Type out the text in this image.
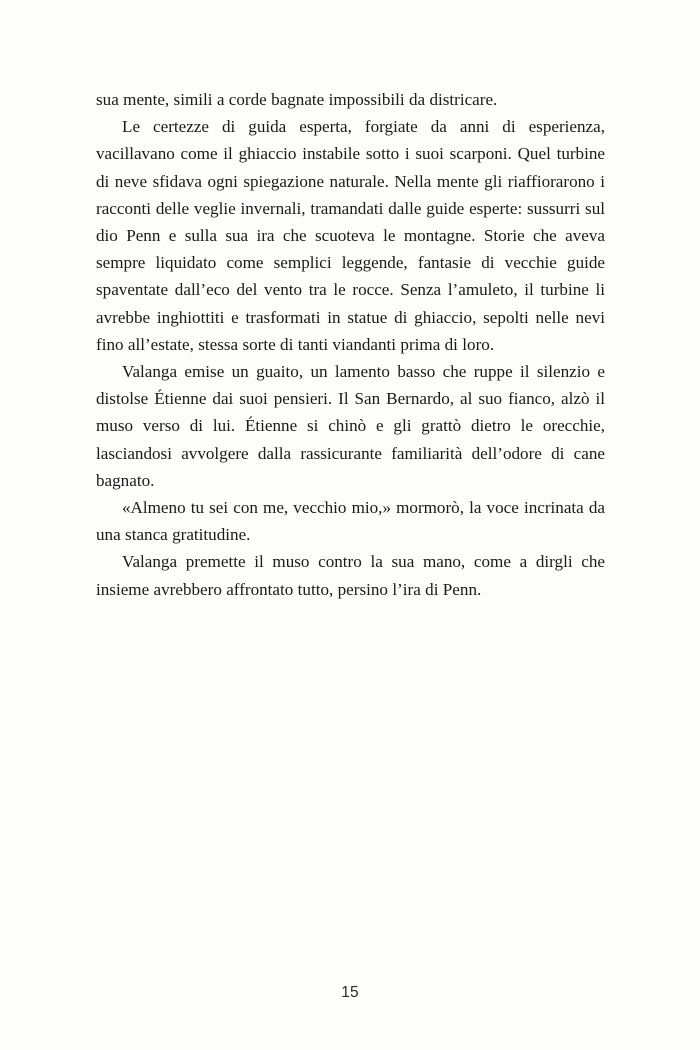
sua mente, simili a corde bagnate impossibili da districare.

Le certezze di guida esperta, forgiate da anni di esperienza, vacillavano come il ghiaccio instabile sotto i suoi scarponi. Quel turbine di neve sfidava ogni spiegazione naturale. Nella mente gli riaffiorarono i racconti delle veglie invernali, tramandati dalle guide esperte: sussurri sul dio Penn e sulla sua ira che scuoteva le montagne. Storie che aveva sempre liquidato come semplici leggende, fantasie di vecchie guide spaventate dall’eco del vento tra le rocce. Senza l’amuleto, il turbine li avrebbe inghiottiti e trasformati in statue di ghiaccio, sepolti nelle nevi fino all’estate, stessa sorte di tanti viandanti prima di loro.

Valanga emise un guaito, un lamento basso che ruppe il silenzio e distolse Étienne dai suoi pensieri. Il San Bernardo, al suo fianco, alzò il muso verso di lui. Étienne si chinò e gli grattò dietro le orecchie, lasciandosi avvolgere dalla rassicurante familiarità dell’odore di cane bagnato.

«Almeno tu sei con me, vecchio mio,» mormorò, la voce incrinata da una stanca gratitudine.

Valanga premette il muso contro la sua mano, come a dirgli che insieme avrebbero affrontato tutto, persino l’ira di Penn.

15
